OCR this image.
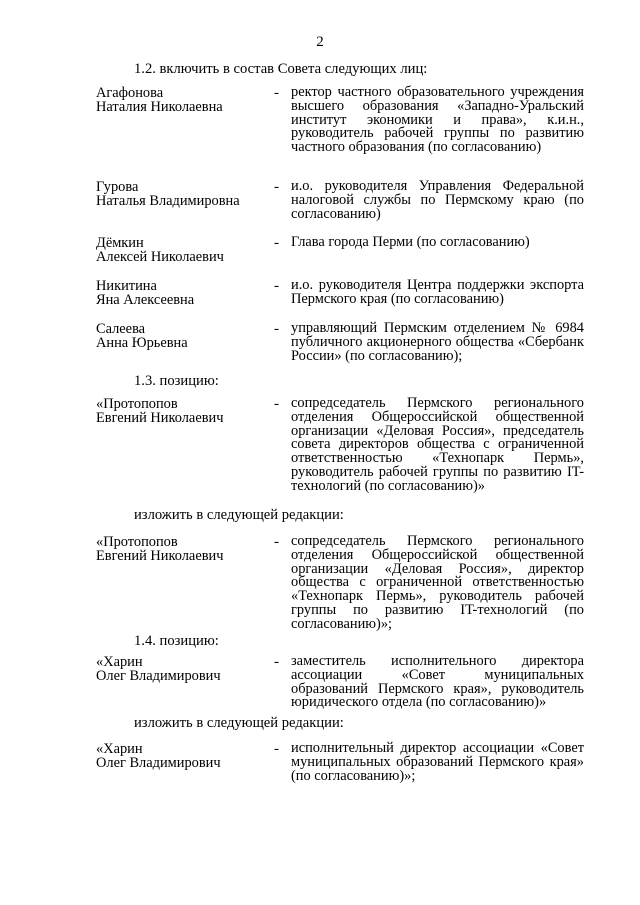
2
1.2. включить в состав Совета следующих лиц:
Агафонова
Наталия Николаевна
- ректор частного образовательного учреждения высшего образования «Западно-Уральский институт экономики и права», к.и.н., руководитель рабочей группы по развитию частного образования (по согласованию)
Гурова
Наталья Владимировна
- и.о. руководителя Управления Федеральной налоговой службы по Пермскому краю (по согласованию)
Дёмкин
Алексей Николаевич
- Глава города Перми (по согласованию)
Никитина
Яна Алексеевна
- и.о. руководителя Центра поддержки экспорта Пермского края (по согласованию)
Салеева
Анна Юрьевна
- управляющий Пермским отделением № 6984 публичного акционерного общества «Сбербанк России» (по согласованию);
1.3. позицию:
«Протопопов
Евгений Николаевич
- сопредседатель Пермского регионального отделения Общероссийской общественной организации «Деловая Россия», председатель совета директоров общества с ограниченной ответственностью «Технопарк Пермь», руководитель рабочей группы по развитию IT-технологий (по согласованию)»
изложить в следующей редакции:
«Протопопов
Евгений Николаевич
- сопредседатель Пермского регионального отделения Общероссийской общественной организации «Деловая Россия», директор общества с ограниченной ответственностью «Технопарк Пермь», руководитель рабочей группы по развитию IT-технологий (по согласованию)»;
1.4. позицию:
«Харин
Олег Владимирович
- заместитель исполнительного директора ассоциации «Совет муниципальных образований Пермского края», руководитель юридического отдела (по согласованию)»
изложить в следующей редакции:
«Харин
Олег Владимирович
- исполнительный директор ассоциации «Совет муниципальных образований Пермского края» (по согласованию)»;
